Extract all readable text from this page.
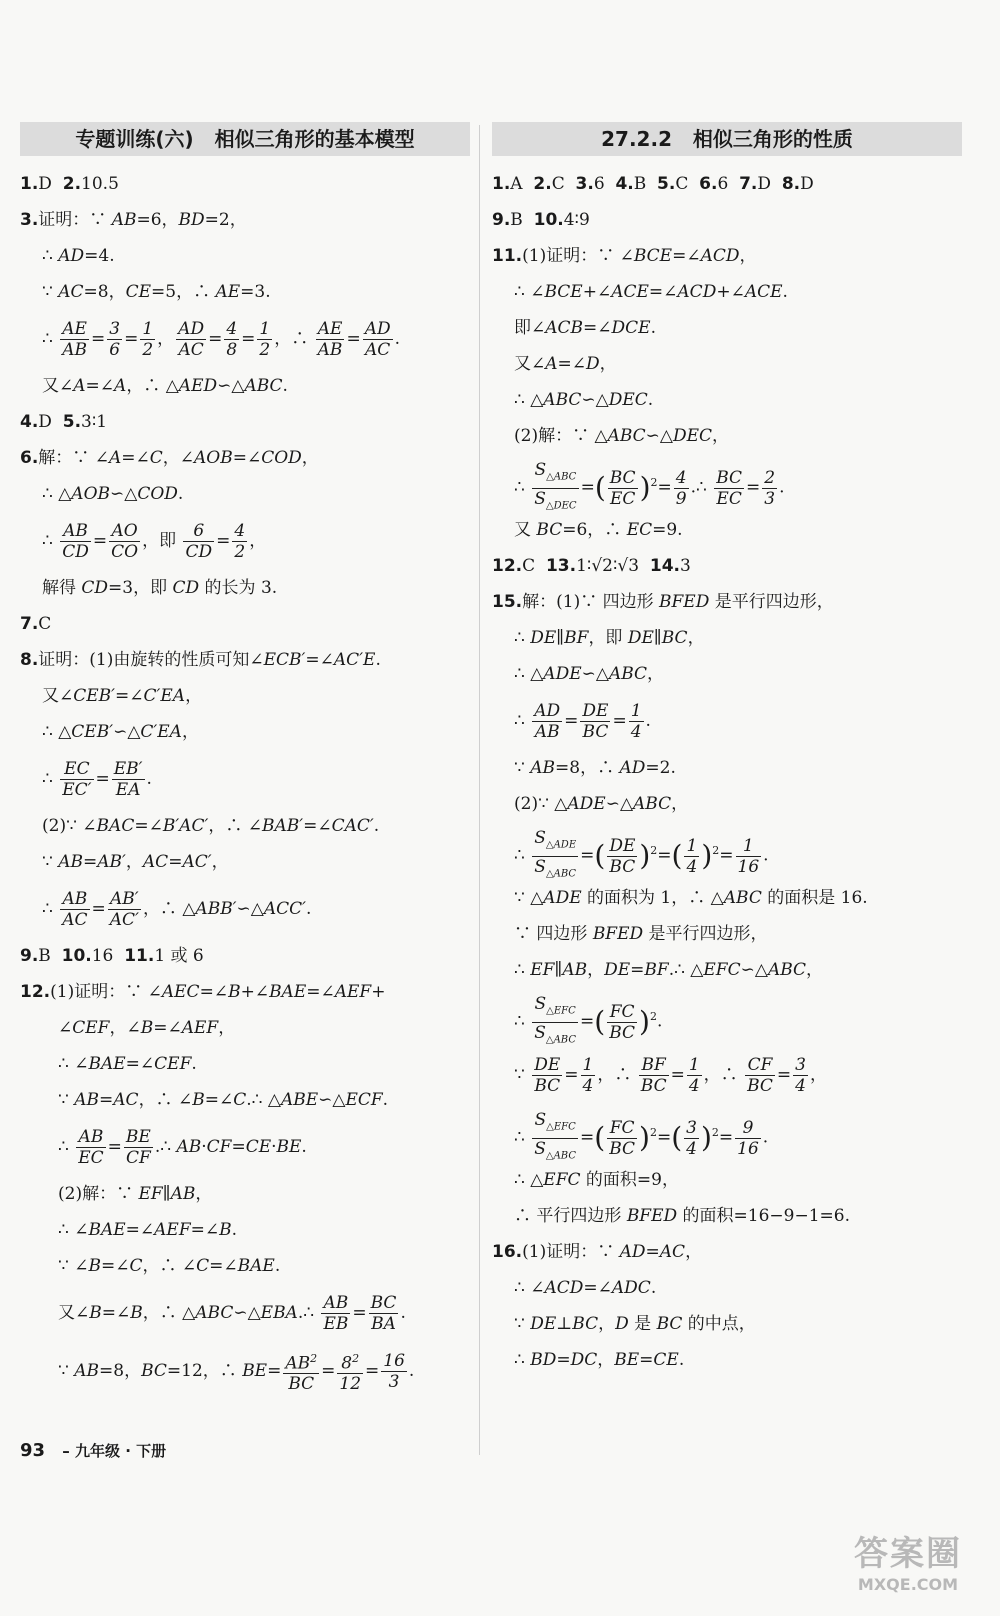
专题训练(六)   相似三角形的基本模型
1.D  2.10.5
3.证明：∵ AB=6，BD=2，
∴ AD=4.
∵ AC=8，CE=5，∴ AE=3.
∴ $\frac{AE}{AB} = \frac{3}{6} = \frac{1}{2}$ ， $\frac{AD}{AC} = \frac{4}{8} = \frac{1}{2}$ ，∴ $\frac{AE}{AB} = \frac{AD}{AC}$ .
又∠A=∠A，∴ △AED∽△ABC.
4.D  5.3∶1
6.解：∵ ∠A=∠C，∠AOB=∠COD，
∴ △AOB∽△COD.
∴ $\frac{AB}{CD} = \frac{AO}{CO}$ ，即 $\frac{6}{CD} = \frac{4}{2}$ ，
解得 CD=3，即 CD 的长为 3.
7.C
8.证明：(1)由旋转的性质可知∠ECB′=∠AC′E.
又∠CEB′=∠C′EA，
∴ △CEB′∽△C′EA，
∴ $\frac{EC}{EC'} = \frac{EB'}{EA}$ .
(2)∵ ∠BAC=∠B′AC′，∴ ∠BAB′=∠CAC′.
∵ AB=AB′，AC=AC′，
∴ $\frac{AB}{AC} = \frac{AB'}{AC'}$ ，∴ △ABB′∽△ACC′.
9.B  10.16  11.1 或 6
12.(1)证明：∵ ∠AEC=∠B+∠BAE=∠AEF+
∠CEF，∠B=∠AEF，
∴ ∠BAE=∠CEF.
∵ AB=AC，∴ ∠B=∠C.∴ △ABE∽△ECF.
∴ $\frac{AB}{EC} = \frac{BE}{CF}$ .∴ AB·CF=CE·BE.
(2)解：∵ EF∥AB，
∴ ∠BAE=∠AEF=∠B.
∵ ∠B=∠C，∴ ∠C=∠BAE.
又∠B=∠B，∴ △ABC∽△EBA.∴ $\frac{AB}{EB} = \frac{BC}{BA}$ .
∵ AB=8，BC=12，∴ $BE= \frac{AB^2}{BC} = \frac{8^2}{12} = \frac{16}{3}$ .
27.2.2   相似三角形的性质
1.A  2.C  3.6  4.B  5.C  6.6  7.D  8.D
9.B  10.4∶9
11.(1)证明：∵ ∠BCE=∠ACD，
∴ ∠BCE+∠ACE=∠ACD+∠ACE.
即∠ACB=∠DCE.
又∠A=∠D，
∴ △ABC∽△DEC.
(2)解：∵ △ABC∽△DEC，
∴ $\frac{S_{\triangle ABC}}{S_{\triangle DEC}}$ =( $\frac{BC}{EC} )^2= \frac{4}{9}$ .∴ $\frac{BC}{EC} = \frac{2}{3}$ .
又 BC=6，∴ EC=9.
12.C  13.1∶√2∶√3  14.3
15.解：(1)∵ 四边形 BFED 是平行四边形，
∴ DE∥BF，即 DE∥BC，
∴ △ADE∽△ABC，
∴ $\frac{AD}{AB} = \frac{DE}{BC} = \frac{1}{4}$ .
∵ AB=8，∴ AD=2.
(2)∵ △ADE∽△ABC，
∴ $\frac{S_{\triangle ADE}}{S_{\triangle ABC}}$ =( $\frac{DE}{BC} )^2=( \frac{1}{4} )^2= \frac{1}{16}$ .
∵ △ADE 的面积为 1，∴ △ABC 的面积是 16.
∵ 四边形 BFED 是平行四边形，
∴ EF∥AB，DE=BF.∴ △EFC∽△ABC，
∴ $\frac{S_{\triangle EFC}}{S_{\triangle ABC}}$ =( $\frac{FC}{BC} )^2$.
∵ $\frac{DE}{BC} = \frac{1}{4}$ ，∴ $\frac{BF}{BC} = \frac{1}{4}$ ，∴ $\frac{CF}{BC} = \frac{3}{4}$ ，
∴ $\frac{S_{\triangle EFC}}{S_{\triangle ABC}}$ =( $\frac{FC}{BC} )^2=( \frac{3}{4} )^2= \frac{9}{16}$ .
∴ △EFC 的面积=9，
∴ 平行四边形 BFED 的面积=16−9−1=6.
16.(1)证明：∵ AD=AC，
∴ ∠ACD=∠ADC.
∵ DE⊥BC，D 是 BC 的中点，
∴ BD=DC，BE=CE.
93 – 九年级 · 下册
答案圈
MXQE.COM
